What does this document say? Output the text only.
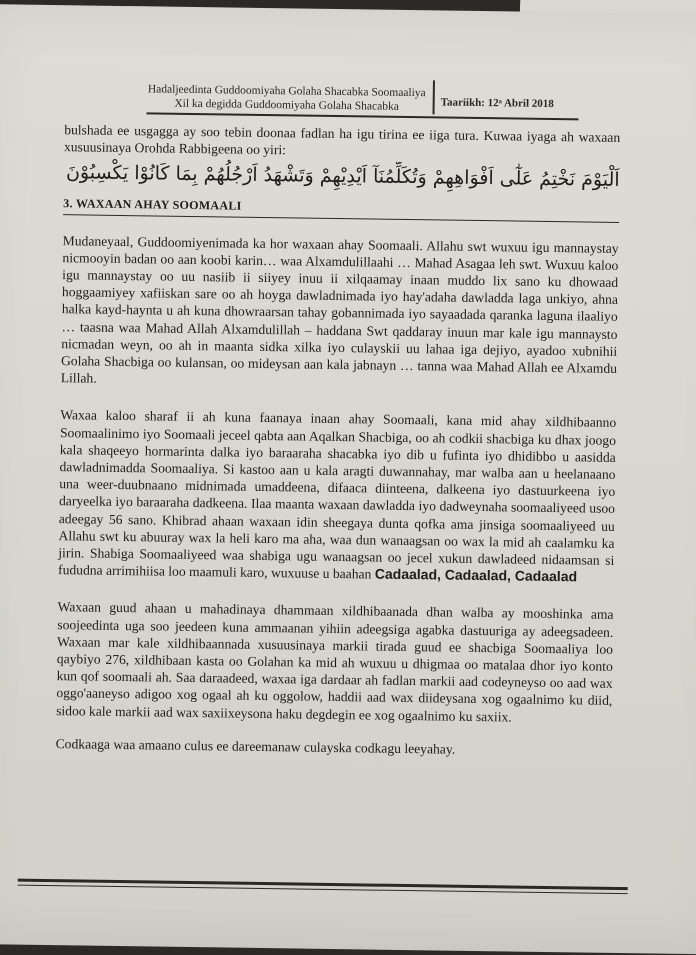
Hadaljeedinta Guddoomiyaha Golaha Shacabka Soomaaliya
Xil ka degidda Guddoomiyaha Golaha Shacabka	Taariikh: 12ᵃ Abril 2018

bulshada ee usgagga ay soo tebin doonaa fadlan ha igu tirina ee iiga tura. Kuwaa iyaga ah waxaan xusuusinaya Orohda Rabbigeena oo yiri:

اَلْيَوْمَ نَخْتِمُ عَلٰٓى اَفْوَاهِهِمْ وَتُكَلِّمُنَآ اَيْدِيْهِمْ وَتَشْهَدُ اَرْجُلُهُمْ بِمَا كَانُوْا يَكْسِبُوْنَ
3. WAXAAN AHAY SOOMAALI

Mudaneyaal, Guddoomiyenimada ka hor waxaan ahay Soomaali. Allahu swt wuxuu igu mannaystay nicmooyin badan oo aan koobi karin… waa Alxamdulillaahi … Mahad Asagaa leh swt. Wuxuu kaloo igu mannaystay oo uu nasiib ii siiyey inuu ii xilqaamay inaan muddo lix sano ku dhowaad hoggaamiyey xafiiskan sare oo ah hoyga dawladnimada iyo hay'adaha dawladda laga unkiyo, ahna halka kayd-haynta u ah kuna dhowraarsan tahay gobannimada iyo sayaadada qaranka laguna ilaaliyo … taasna waa Mahad Allah Alxamdulillah – haddana Swt qaddaray inuun mar kale igu mannaysto nicmadan weyn, oo ah in maanta sidka xilka iyo culayskii uu lahaa iga dejiyo, ayadoo xubnihii Golaha Shacbiga oo kulansan, oo mideysan aan kala jabnayn … tanna waa Mahad Allah ee Alxamdu Lillah.

Waxaa kaloo sharaf ii ah kuna faanaya inaan ahay Soomaali, kana mid ahay xildhibaanno Soomaalinimo iyo Soomaali jeceel qabta aan Aqalkan Shacbiga, oo ah codkii shacbiga ku dhax joogo kala shaqeeyo hormarinta dalka iyo baraaraha shacabka iyo dib u fufinta iyo dhidibbo u aasidda dawladnimadda Soomaaliya. Si kastoo aan u kala aragti duwannahay, mar walba aan u heelanaano una weer-duubnaano midnimada umaddeena, difaaca diinteena, dalkeena iyo dastuurkeena iyo daryeelka iyo baraaraha dadkeena. Ilaa maanta waxaan dawladda iyo dadweynaha soomaaliyeed usoo adeegay 56 sano. Khibrad ahaan waxaan idin sheegaya dunta qofka ama jinsiga soomaaliyeed uu Allahu swt ku abuuray wax la heli karo ma aha, waa dun wanaagsan oo wax la mid ah caalamku ka jirin. Shabiga Soomaaliyeed waa shabiga ugu wanaagsan oo jecel xukun dawladeed nidaamsan si fududna arrimihiisa loo maamuli karo, wuxuuse u baahan Cadaalad, Cadaalad, Cadaalad

Waxaan guud ahaan u mahadinaya dhammaan xildhibaanada dhan walba ay mooshinka ama soojeedinta uga soo jeedeen kuna ammaanan yihiin adeegsiga agabka dastuuriga ay adeegsadeen. Waxaan mar kale xildhibaannada xusuusinaya markii tirada guud ee shacbiga Soomaaliya loo qaybiyo 276, xildhibaan kasta oo Golahan ka mid ah wuxuu u dhigmaa oo matalaa dhor iyo konto kun qof soomaali ah. Saa daraadeed, waxaa iga dardaar ah fadlan markii aad codeyneyso oo aad wax oggo'aaneyso adigoo xog ogaal ah ku oggolow, haddii aad wax diideysana xog ogaalnimo ku diid, sidoo kale markii aad wax saxiixeysona haku degdegin ee xog ogaalnimo ku saxiix.

Codkaaga waa amaano culus ee dareemanaw culayska codkagu leeyahay.
